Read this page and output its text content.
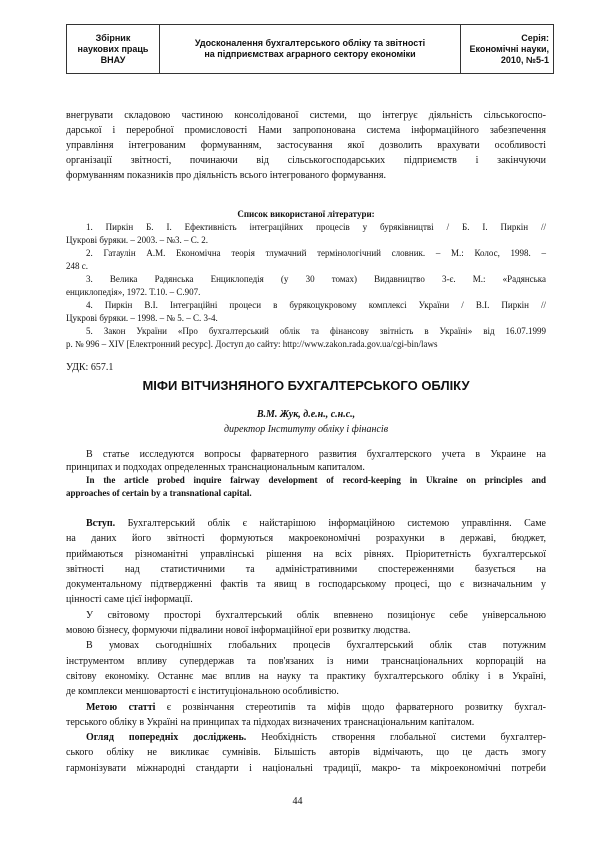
Збірник
наукових праць
ВНАУ

Удосконалення бухгалтерського обліку та звітності
на підприємствах аграрного сектору економіки

Серія:
Економічні науки,
2010, №5-1
внегрувати складовою частиною консолідованої системи, що інтегрує діяльність сільськогоспо-
дарської і переробної промисловості Нами запропонована система інформаційного забезпечення
управління інтегрованим формуванням, застосування якої дозволить врахувати особливості
організації звітності, починаючи від сільськогосподарських підприємств і закінчуючи
формуванням показників про діяльність всього інтегрованого формування.
Список використаної літератури:
1. Пиркін Б. І. Ефективність інтеграційних процесів у буряківництві / Б. І. Пиркін //
Цукрові буряки. – 2003. – №3. – С. 2.
2. Гатаулін А.М. Економічна теорія тлумачний термінологічний словник. – М.: Колос, 1998. –
248 с.
3. Велика Радянська Енциклопедія (у 30 томах) Видавництво 3-є. М.: «Радянська
енциклопедія», 1972. Т.10. – С.907.
4. Пиркін В.І. Інтеграційні процеси в бурякоцукровому комплексі України / В.І. Пиркін //
Цукрові буряки. – 1998. – № 5. – С. 3-4.
5. Закон України «Про бухгалтерський облік та фінансову звітність в Україні» від 16.07.1999
р. № 996 – XIV [Електронний ресурс]. Доступ до сайту: http://www.zakon.rada.gov.ua/cgi-bin/laws
УДК: 657.1
МІФИ ВІТЧИЗНЯНОГО БУХГАЛТЕРСЬКОГО ОБЛІКУ
В.М. Жук, д.е.н., с.н.с.,
директор Інституту обліку і фінансів
В статье исследуются вопросы фарватерного развития бухгалтерского учета в Украине на
принципах и подходах определенных транснациональным капиталом.
In the article probed inquire fairway development of record-keeping in Ukraine on principles and
approaches of certain by a transnational capital.
Вступ. Бухгалтерський облік є найстарішою інформаційною системою управління. Саме
на даних його звітності формуються макроекономічні розрахунки в державі, бюджет,
приймаються різноманітні управлінські рішення на всіх рівнях. Пріоритетність бухгалтерської
звітності над статистичними та адміністративними спостереженнями базується на
документальному підтвердженні фактів та явищ в господарському процесі, що є визначальним у
цінності саме цієї інформації.
У світовому просторі бухгалтерський облік впевнено позиціонує себе універсальною
мовою бізнесу, формуючи підвалини нової інформаційної ери розвитку людства.
В умовах сьогоднішніх глобальних процесів бухгалтерський облік став потужним
інструментом впливу супердержав та пов'язаних із ними транснаціональних корпорацій на
світову економіку. Останнє має вплив на науку та практику бухгалтерського обліку і в Україні,
де комплекси меншовартості є інституціональною особливістю.
Метою статті є розвінчання стереотипів та міфів щодо фарватерного розвитку бухгал-
терського обліку в Україні на принципах та підходах визначених транснаціональним капіталом.
Огляд попередніх досліджень. Необхідність створення глобальної системи бухгалтер-
ського обліку не викликає сумнівів. Більшість авторів відмічають, що це дасть змогу
гармонізувати міжнародні стандарти і національні традиції, макро- та мікроекономічні потреби
44
